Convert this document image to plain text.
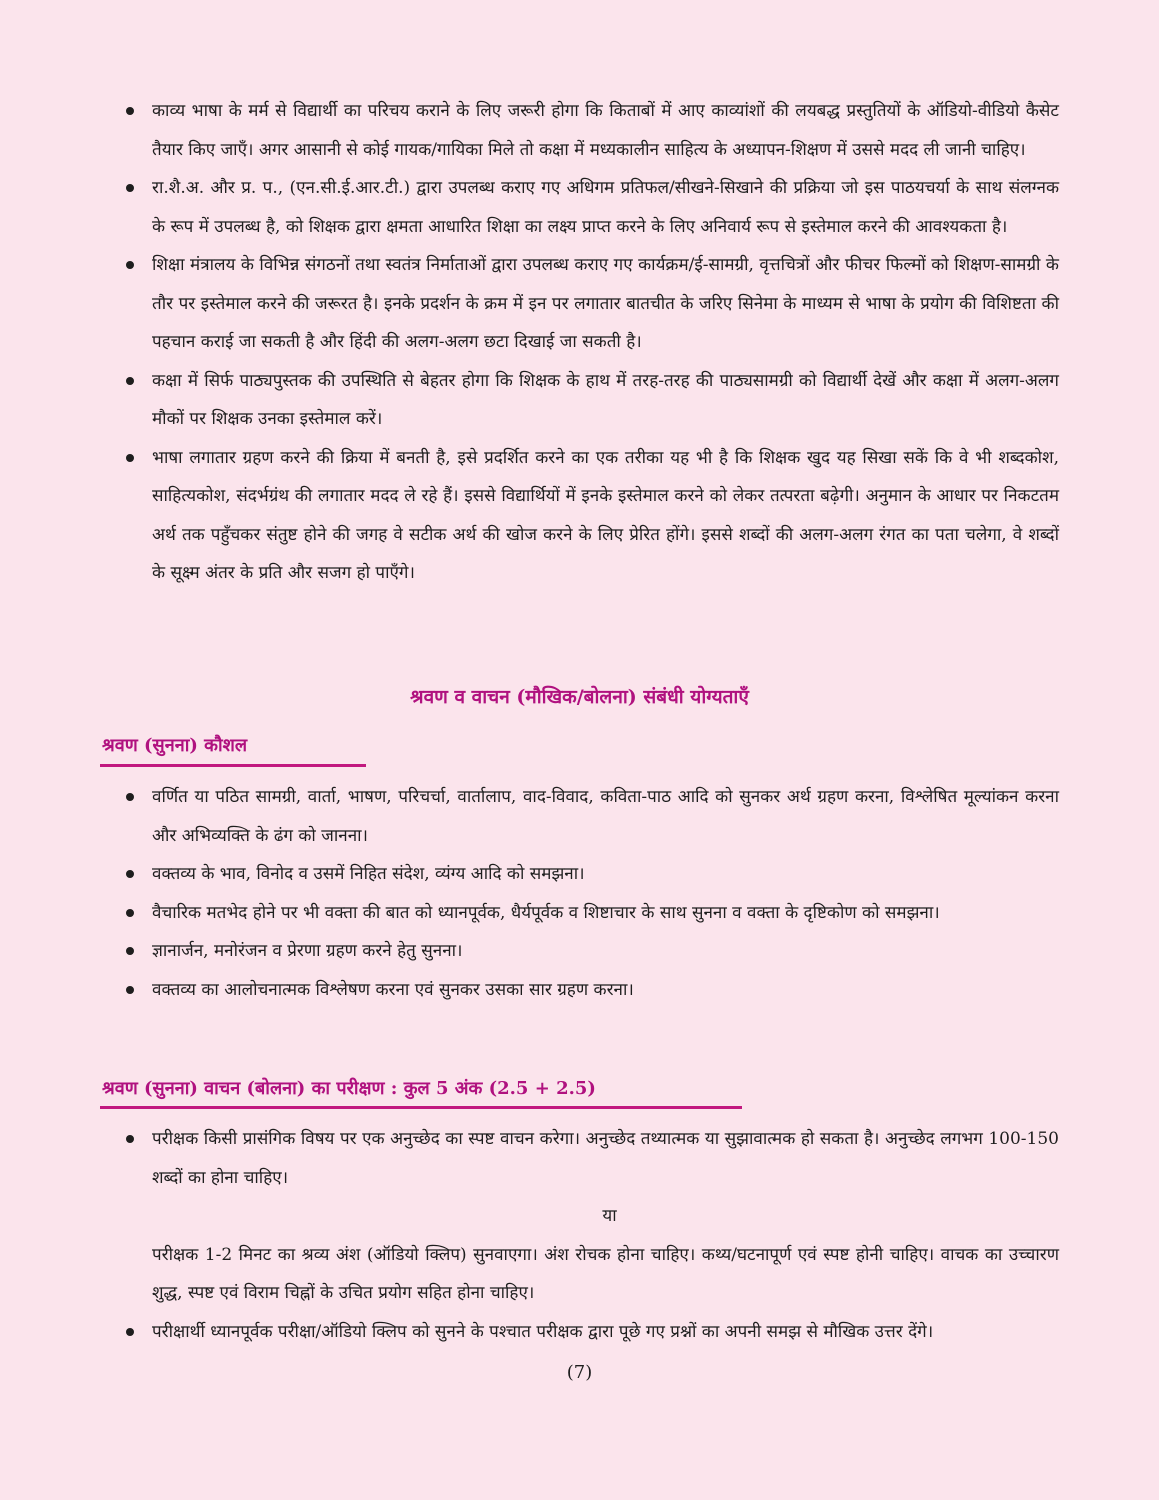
काव्य भाषा के मर्म से विद्यार्थी का परिचय कराने के लिए जरूरी होगा कि किताबों में आए काव्यांशों की लयबद्ध प्रस्तुतियों के ऑडियो-वीडियो कैसेट तैयार किए जाएँ। अगर आसानी से कोई गायक/गायिका मिले तो कक्षा में मध्यकालीन साहित्य के अध्यापन-शिक्षण में उससे मदद ली जानी चाहिए।
रा.शै.अ. और प्र. प., (एन.सी.ई.आर.टी.) द्वारा उपलब्ध कराए गए अधिगम प्रतिफल/सीखने-सिखाने की प्रक्रिया जो इस पाठयचर्या के साथ संलग्नक के रूप में उपलब्ध है, को शिक्षक द्वारा क्षमता आधारित शिक्षा का लक्ष्य प्राप्त करने के लिए अनिवार्य रूप से इस्तेमाल करने की आवश्यकता है।
शिक्षा मंत्रालय के विभिन्न संगठनों तथा स्वतंत्र निर्माताओं द्वारा उपलब्ध कराए गए कार्यक्रम/ई-सामग्री, वृत्तचित्रों और फीचर फिल्मों को शिक्षण-सामग्री के तौर पर इस्तेमाल करने की जरूरत है। इनके प्रदर्शन के क्रम में इन पर लगातार बातचीत के जरिए सिनेमा के माध्यम से भाषा के प्रयोग की विशिष्टता की पहचान कराई जा सकती है और हिंदी की अलग-अलग छटा दिखाई जा सकती है।
कक्षा में सिर्फ पाठ्यपुस्तक की उपस्थिति से बेहतर होगा कि शिक्षक के हाथ में तरह-तरह की पाठ्यसामग्री को विद्यार्थी देखें और कक्षा में अलग-अलग मौकों पर शिक्षक उनका इस्तेमाल करें।
भाषा लगातार ग्रहण करने की क्रिया में बनती है, इसे प्रदर्शित करने का एक तरीका यह भी है कि शिक्षक खुद यह सिखा सकें कि वे भी शब्दकोश, साहित्यकोश, संदर्भग्रंथ की लगातार मदद ले रहे हैं। इससे विद्यार्थियों में इनके इस्तेमाल करने को लेकर तत्परता बढ़ेगी। अनुमान के आधार पर निकटतम अर्थ तक पहुँचकर संतुष्ट होने की जगह वे सटीक अर्थ की खोज करने के लिए प्रेरित होंगे। इससे शब्दों की अलग-अलग रंगत का पता चलेगा, वे शब्दों के सूक्ष्म अंतर के प्रति और सजग हो पाएँगे।
श्रवण व वाचन (मौखिक/बोलना) संबंधी योग्यताएँ
श्रवण (सुनना) कौशल
वर्णित या पठित सामग्री, वार्ता, भाषण, परिचर्चा, वार्तालाप, वाद-विवाद, कविता-पाठ आदि को सुनकर अर्थ ग्रहण करना, विश्लेषित मूल्यांकन करना और अभिव्यक्ति के ढंग को जानना।
वक्तव्य के भाव, विनोद व उसमें निहित संदेश, व्यंग्य आदि को समझना।
वैचारिक मतभेद होने पर भी वक्ता की बात को ध्यानपूर्वक, धैर्यपूर्वक व शिष्टाचार के साथ सुनना व वक्ता के दृष्टिकोण को समझना।
ज्ञानार्जन, मनोरंजन व प्रेरणा ग्रहण करने हेतु सुनना।
वक्तव्य का आलोचनात्मक विश्लेषण करना एवं सुनकर उसका सार ग्रहण करना।
श्रवण (सुनना) वाचन (बोलना) का परीक्षण : कुल 5 अंक (2.5 + 2.5)
परीक्षक किसी प्रासंगिक विषय पर एक अनुच्छेद का स्पष्ट वाचन करेगा। अनुच्छेद तथ्यात्मक या सुझावात्मक हो सकता है। अनुच्छेद लगभग 100-150 शब्दों का होना चाहिए।

या

परीक्षक 1-2 मिनट का श्रव्य अंश (ऑडियो क्लिप) सुनवाएगा। अंश रोचक होना चाहिए। कथ्य/घटनापूर्ण एवं स्पष्ट होनी चाहिए। वाचक का उच्चारण शुद्ध, स्पष्ट एवं विराम चिह्नों के उचित प्रयोग सहित होना चाहिए।

परीक्षार्थी ध्यानपूर्वक परीक्षा/ऑडियो क्लिप को सुनने के पश्चात परीक्षक द्वारा पूछे गए प्रश्नों का अपनी समझ से मौखिक उत्तर देंगे।
(7)
